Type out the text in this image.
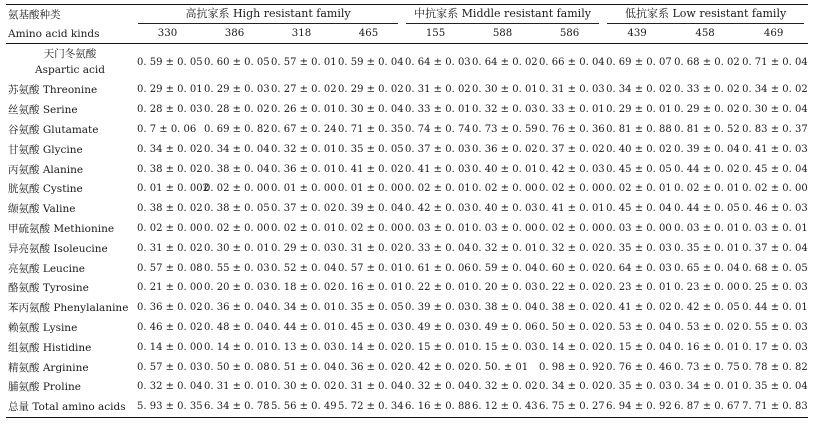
氨基酸种类	高抗家系 High resistant family				中抗家系 Middle resistant family			低抗家系 Low resistant family		

Amino acid kinds	330	386	318	465	155	588	586	439	458	469

天门冬氨酸
Aspartic acid	0. 59 ± 0. 05	0. 60 ± 0. 05	0. 57 ± 0. 01	0. 59 ± 0. 04	0. 64 ± 0. 03	0. 64 ± 0. 02	0. 66 ± 0. 04	0. 69 ± 0. 07	0. 68 ± 0. 02	0. 71 ± 0. 04
苏氨酸 Threonine	0. 29 ± 0. 01	0. 29 ± 0. 03	0. 27 ± 0. 02	0. 29 ± 0. 02	0. 31 ± 0. 02	0. 30 ± 0. 01	0. 31 ± 0. 03	0. 34 ± 0. 02	0. 33 ± 0. 02	0. 34 ± 0. 02
丝氨酸 Serine	0. 28 ± 0. 03	0. 28 ± 0. 02	0. 26 ± 0. 01	0. 30 ± 0. 04	0. 33 ± 0. 01	0. 32 ± 0. 03	0. 33 ± 0. 01	0. 29 ± 0. 01	0. 29 ± 0. 02	0. 30 ± 0. 04
谷氨酸 Glutamate	0. 7 ± 0. 06	0. 69 ± 0. 82	0. 67 ± 0. 24	0. 71 ± 0. 35	0. 74 ± 0. 74	0. 73 ± 0. 59	0. 76 ± 0. 36	0. 81 ± 0. 88	0. 81 ± 0. 52	0. 83 ± 0. 37
甘氨酸 Glycine	0. 34 ± 0. 02	0. 34 ± 0. 04	0. 32 ± 0. 01	0. 35 ± 0. 05	0. 37 ± 0. 03	0. 36 ± 0. 02	0. 37 ± 0. 02	0. 40 ± 0. 02	0. 39 ± 0. 04	0. 41 ± 0. 03
丙氨酸 Alanine	0. 38 ± 0. 02	0. 38 ± 0. 04	0. 36 ± 0. 01	0. 41 ± 0. 02	0. 41 ± 0. 03	0. 40 ± 0. 01	0. 42 ± 0. 03	0. 45 ± 0. 05	0. 44 ± 0. 02	0. 45 ± 0. 04
胱氨酸 Cystine	0. 01 ± 0. 002	0. 02 ± 0. 00	0. 01 ± 0. 00	0. 01 ± 0. 00	0. 02 ± 0. 01	0. 02 ± 0. 00	0. 02 ± 0. 00	0. 02 ± 0. 01	0. 02 ± 0. 01	0. 02 ± 0. 00
缬氨酸 Valine	0. 38 ± 0. 02	0. 38 ± 0. 05	0. 37 ± 0. 02	0. 39 ± 0. 04	0. 42 ± 0. 03	0. 40 ± 0. 03	0. 41 ± 0. 01	0. 45 ± 0. 04	0. 44 ± 0. 05	0. 46 ± 0. 03
甲硫氨酸 Methionine	0. 02 ± 0. 00	0. 02 ± 0. 00	0. 02 ± 0. 01	0. 02 ± 0. 00	0. 03 ± 0. 01	0. 03 ± 0. 00	0. 02 ± 0. 00	0. 03 ± 0. 00	0. 03 ± 0. 01	0. 03 ± 0. 01
异亮氨酸 Isoleucine	0. 31 ± 0. 02	0. 30 ± 0. 01	0. 29 ± 0. 03	0. 31 ± 0. 02	0. 33 ± 0. 04	0. 32 ± 0. 01	0. 32 ± 0. 02	0. 35 ± 0. 03	0. 35 ± 0. 01	0. 37 ± 0. 04
亮氨酸 Leucine	0. 57 ± 0. 08	0. 55 ± 0. 03	0. 52 ± 0. 04	0. 57 ± 0. 01	0. 61 ± 0. 06	0. 59 ± 0. 04	0. 60 ± 0. 02	0. 64 ± 0. 03	0. 65 ± 0. 04	0. 68 ± 0. 05
酪氨酸 Tyrosine	0. 21 ± 0. 00	0. 20 ± 0. 03	0. 18 ± 0. 02	0. 16 ± 0. 01	0. 22 ± 0. 01	0. 20 ± 0. 03	0. 22 ± 0. 02	0. 23 ± 0. 01	0. 23 ± 0. 00	0. 25 ± 0. 03
苯丙氨酸 Phenylalanine	0. 36 ± 0. 02	0. 36 ± 0. 04	0. 34 ± 0. 01	0. 35 ± 0. 05	0. 39 ± 0. 03	0. 38 ± 0. 04	0. 38 ± 0. 02	0. 41 ± 0. 02	0. 42 ± 0. 05	0. 44 ± 0. 01
赖氨酸 Lysine	0. 46 ± 0. 02	0. 48 ± 0. 04	0. 44 ± 0. 01	0. 45 ± 0. 03	0. 49 ± 0. 03	0. 49 ± 0. 06	0. 50 ± 0. 02	0. 53 ± 0. 04	0. 53 ± 0. 02	0. 55 ± 0. 03
组氨酸 Histidine	0. 14 ± 0. 00	0. 14 ± 0. 01	0. 13 ± 0. 03	0. 14 ± 0. 02	0. 15 ± 0. 01	0. 15 ± 0. 03	0. 14 ± 0. 02	0. 15 ± 0. 04	0. 16 ± 0. 01	0. 17 ± 0. 03
精氨酸 Arginine	0. 57 ± 0. 03	0. 50 ± 0. 08	0. 51 ± 0. 04	0. 36 ± 0. 02	0. 42 ± 0. 02	0. 50. ± 01	0. 98 ± 0. 92	0. 76 ± 0. 46	0. 73 ± 0. 75	0. 78 ± 0. 82
脯氨酸 Proline	0. 32 ± 0. 04	0. 31 ± 0. 01	0. 30 ± 0. 02	0. 31 ± 0. 04	0. 32 ± 0. 04	0. 32 ± 0. 02	0. 34 ± 0. 02	0. 35 ± 0. 03	0. 34 ± 0. 01	0. 35 ± 0. 04
总量 Total amino acids	5. 93 ± 0. 35	6. 34 ± 0. 78	5. 56 ± 0. 49	5. 72 ± 0. 34	6. 16 ± 0. 88	6. 12 ± 0. 43	6. 75 ± 0. 27	6. 94 ± 0. 92	6. 87 ± 0. 67	7. 71 ± 0. 83
